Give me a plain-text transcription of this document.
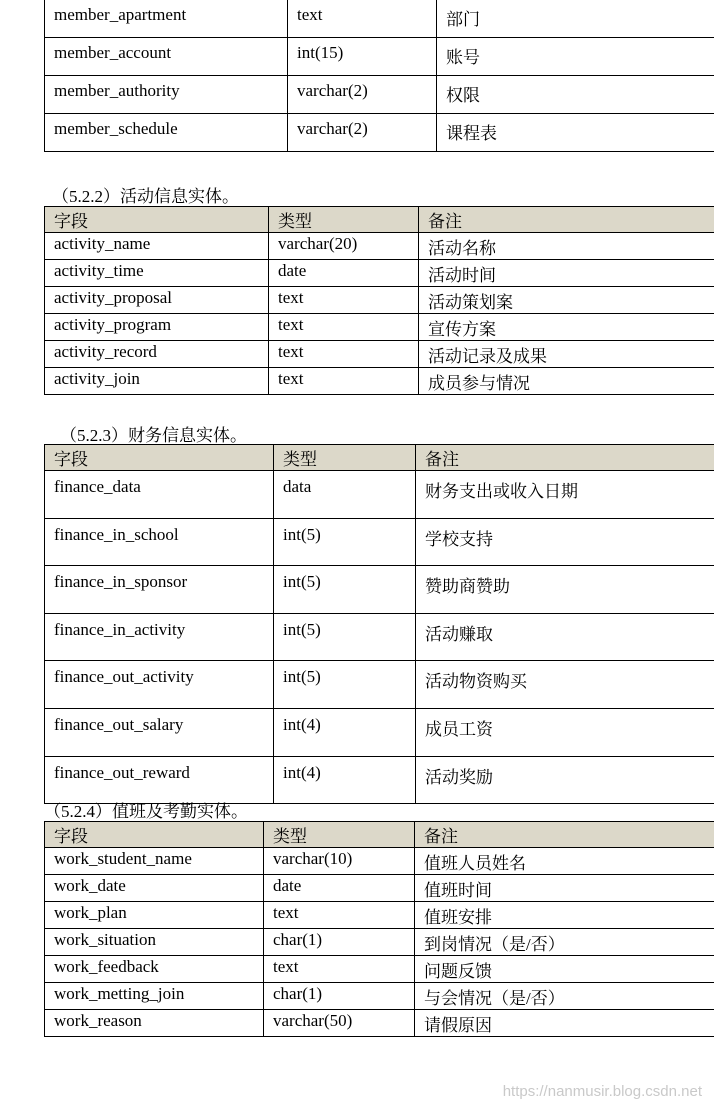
member_apartment	text	部门
member_account	int(15)	账号
member_authority	varchar(2)	权限
member_schedule	varchar(2)	课程表
（5.2.2）活动信息实体。
字段	类型	备注
activity_name	varchar(20)	活动名称
activity_time	date	活动时间
activity_proposal	text	活动策划案
activity_program	text	宣传方案
activity_record	text	活动记录及成果
activity_join	text	成员参与情况
（5.2.3）财务信息实体。
字段	类型	备注
finance_data	data	财务支出或收入日期
finance_in_school	int(5)	学校支持
finance_in_sponsor	int(5)	赞助商赞助
finance_in_activity	int(5)	活动赚取
finance_out_activity	int(5)	活动物资购买
finance_out_salary	int(4)	成员工资
finance_out_reward	int(4)	活动奖励
（5.2.4）值班及考勤实体。
字段	类型	备注
work_student_name	varchar(10)	值班人员姓名
work_date	date	值班时间
work_plan	text	值班安排
work_situation	char(1)	到岗情况（是/否）
work_feedback	text	问题反馈
work_metting_join	char(1)	与会情况（是/否）
work_reason	varchar(50)	请假原因
https://nanmusir.blog.csdn.net
